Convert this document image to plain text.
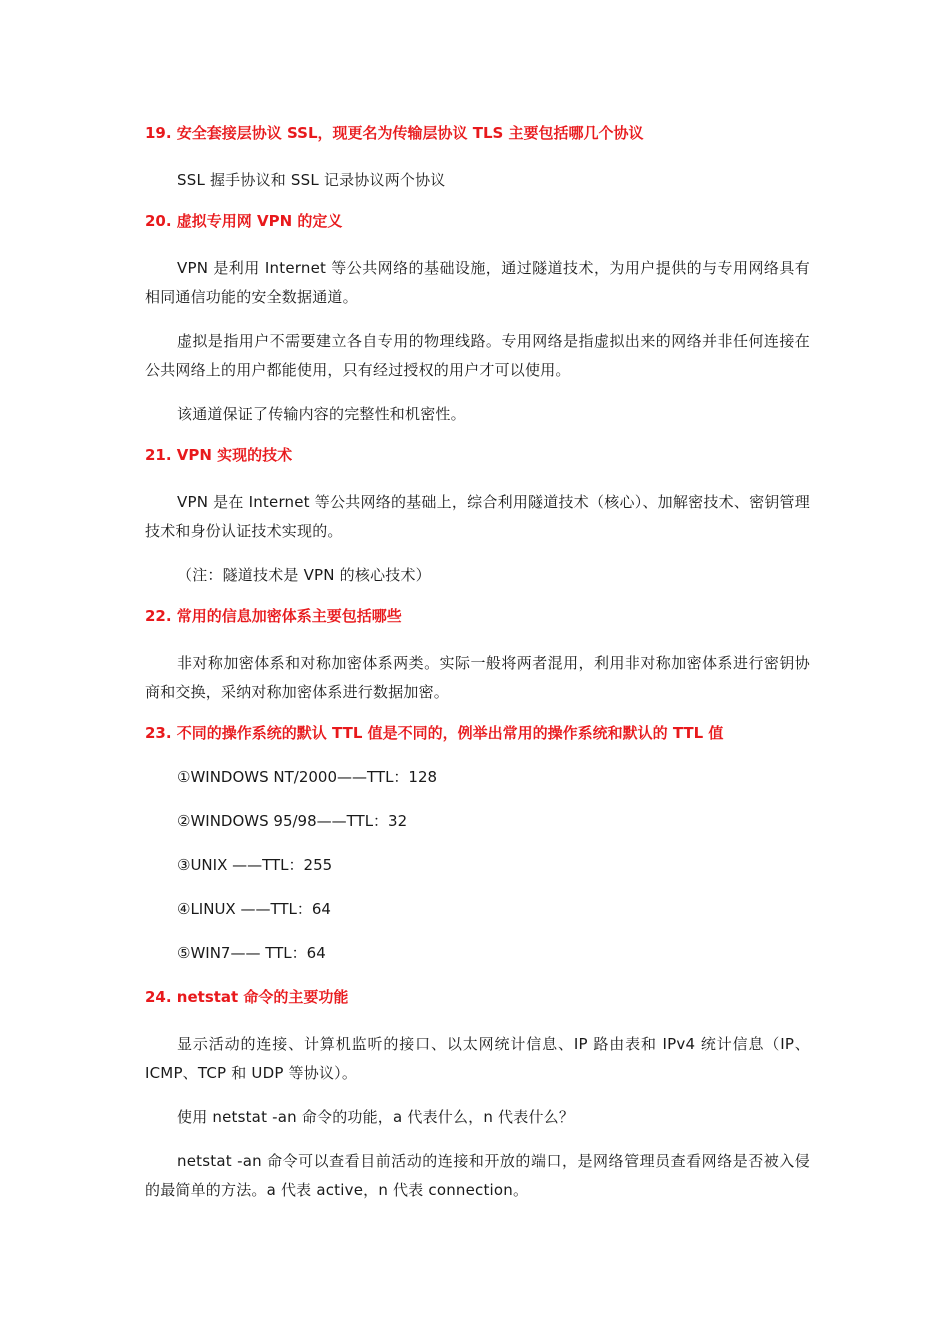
19. 安全套接层协议 SSL，现更名为传输层协议 TLS 主要包括哪几个协议

SSL 握手协议和 SSL 记录协议两个协议

20. 虚拟专用网 VPN 的定义

VPN 是利用 Internet 等公共网络的基础设施，通过隧道技术，为用户提供的与专用网络具有相同通信功能的安全数据通道。

虚拟是指用户不需要建立各自专用的物理线路。专用网络是指虚拟出来的网络并非任何连接在公共网络上的用户都能使用，只有经过授权的用户才可以使用。

该通道保证了传输内容的完整性和机密性。

21. VPN 实现的技术

VPN 是在 Internet 等公共网络的基础上，综合利用隧道技术（核心）、加解密技术、密钥管理技术和身份认证技术实现的。

（注：隧道技术是 VPN 的核心技术）

22. 常用的信息加密体系主要包括哪些

非对称加密体系和对称加密体系两类。实际一般将两者混用，利用非对称加密体系进行密钥协商和交换，采纳对称加密体系进行数据加密。

23. 不同的操作系统的默认 TTL 值是不同的，例举出常用的操作系统和默认的 TTL 值

①WINDOWS NT/2000——TTL：128

②WINDOWS 95/98——TTL：32

③UNIX ——TTL：255

④LINUX ——TTL：64

⑤WIN7—— TTL：64

24. netstat 命令的主要功能

显示活动的连接、计算机监听的接口、以太网统计信息、IP 路由表和 IPv4 统计信息（IP、ICMP、TCP 和 UDP 等协议）。

使用 netstat -an 命令的功能，a 代表什么，n 代表什么？

netstat -an 命令可以查看目前活动的连接和开放的端口，是网络管理员查看网络是否被入侵的最简单的方法。a 代表 active，n 代表 connection。
